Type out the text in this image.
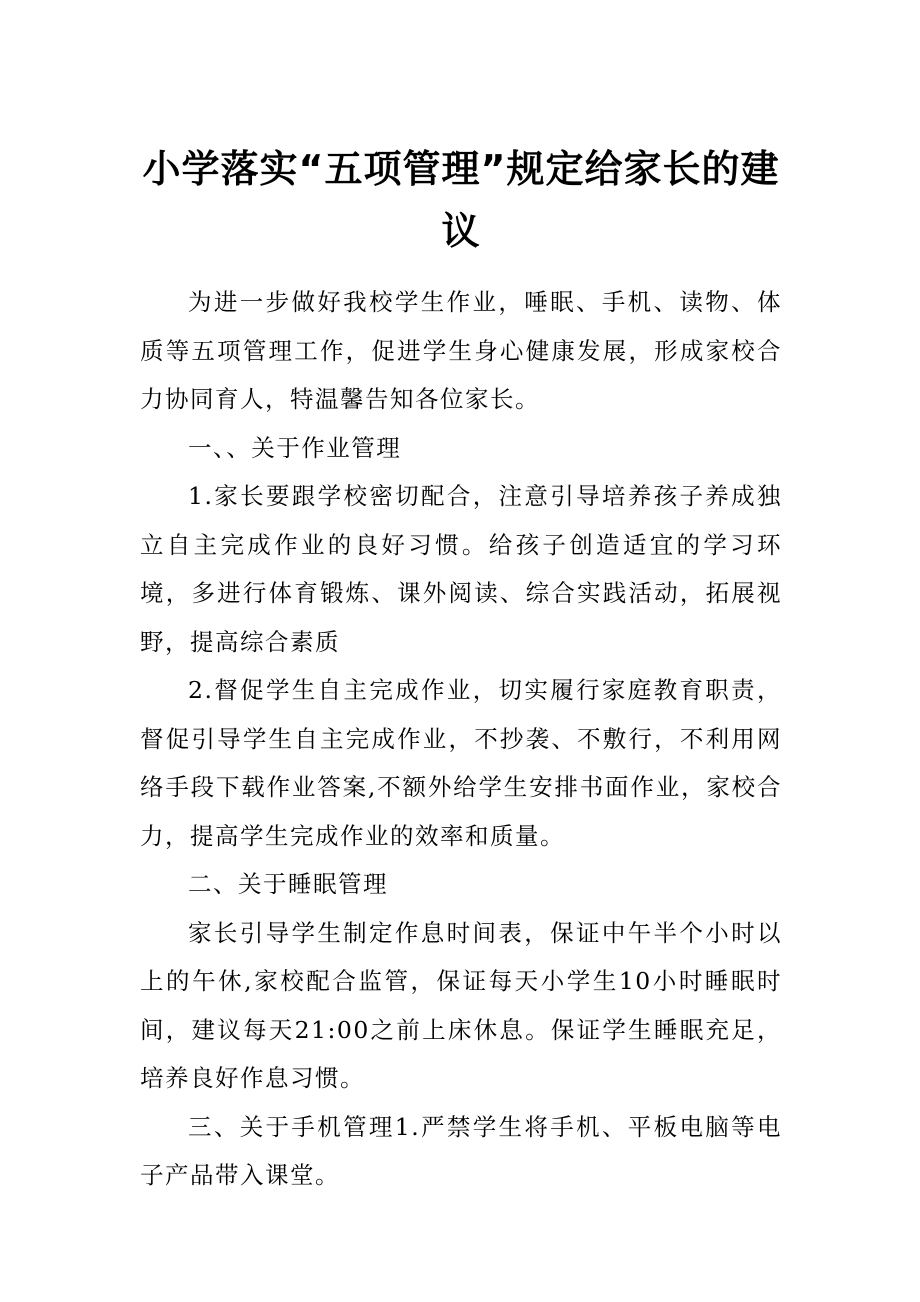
小学落实“五项管理”规定给家长的建议

为进一步做好我校学生作业，唾眠、手机、读物、体质等五项管理工作，促进学生身心健康发展，形成家校合力协同育人，特温馨告知各位家长。

一、、关于作业管理

1.家长要跟学校密切配合，注意引导培养孩子养成独立自主完成作业的良好习惯。给孩子创造适宜的学习环境，多进行体育锻炼、课外阅读、综合实践活动，拓展视野，提高综合素质

2.督促学生自主完成作业，切实履行家庭教育职责，督促引导学生自主完成作业，不抄袭、不敷行，不利用网络手段下载作业答案,不额外给学生安排书面作业，家校合力，提高学生完成作业的效率和质量。

二、关于睡眠管理

家长引导学生制定作息时间表，保证中午半个小时以上的午休,家校配合监管，保证每天小学生10小时睡眠时间，建议每天21:00之前上床休息。保证学生睡眠充足，培养良好作息习惯。

三、关于手机管理1.严禁学生将手机、平板电脑等电子产品带入课堂。
